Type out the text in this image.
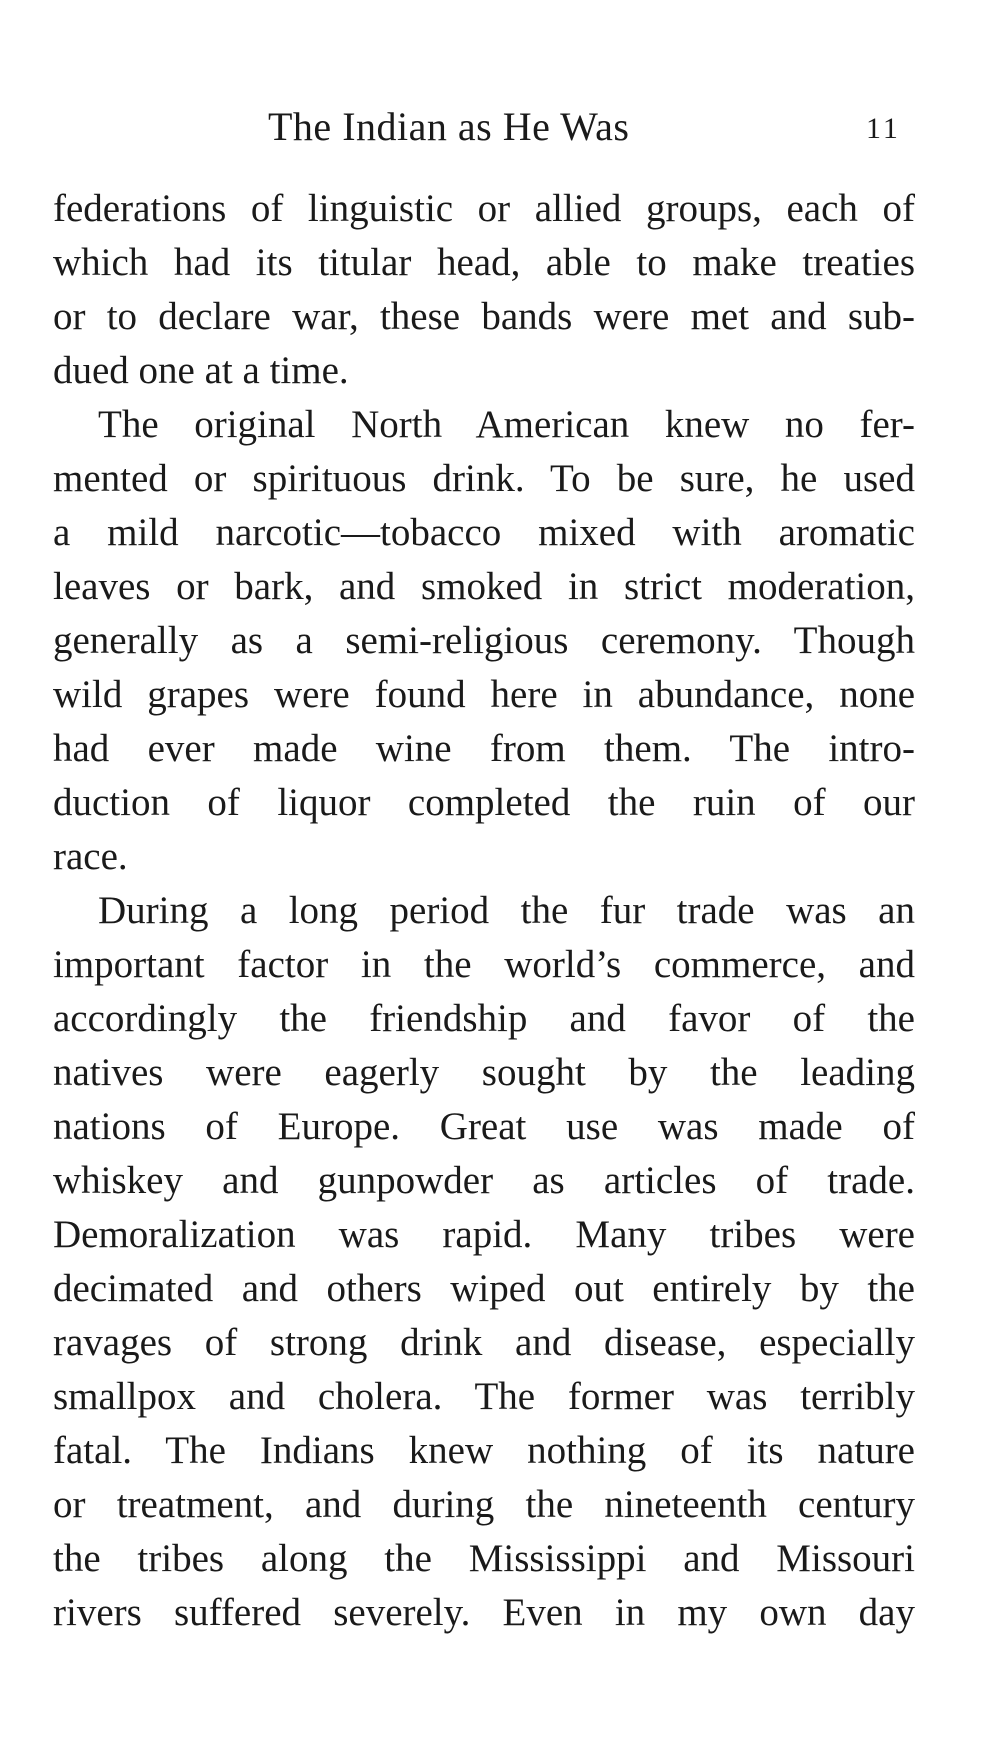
The Indian as He Was	11
federations of linguistic or allied groups, each of
which had its titular head, able to make treaties
or to declare war, these bands were met and sub-
dued one at a time.
The original North American knew no fer-
mented or spirituous drink. To be sure, he used
a mild narcotic—tobacco mixed with aromatic
leaves or bark, and smoked in strict moderation,
generally as a semi-religious ceremony. Though
wild grapes were found here in abundance, none
had ever made wine from them. The intro-
duction of liquor completed the ruin of our
race.
During a long period the fur trade was an
important factor in the world’s commerce, and
accordingly the friendship and favor of the
natives were eagerly sought by the leading
nations of Europe. Great use was made of
whiskey and gunpowder as articles of trade.
Demoralization was rapid. Many tribes were
decimated and others wiped out entirely by the
ravages of strong drink and disease, especially
smallpox and cholera. The former was terribly
fatal. The Indians knew nothing of its nature
or treatment, and during the nineteenth century
the tribes along the Mississippi and Missouri
rivers suffered severely. Even in my own day
